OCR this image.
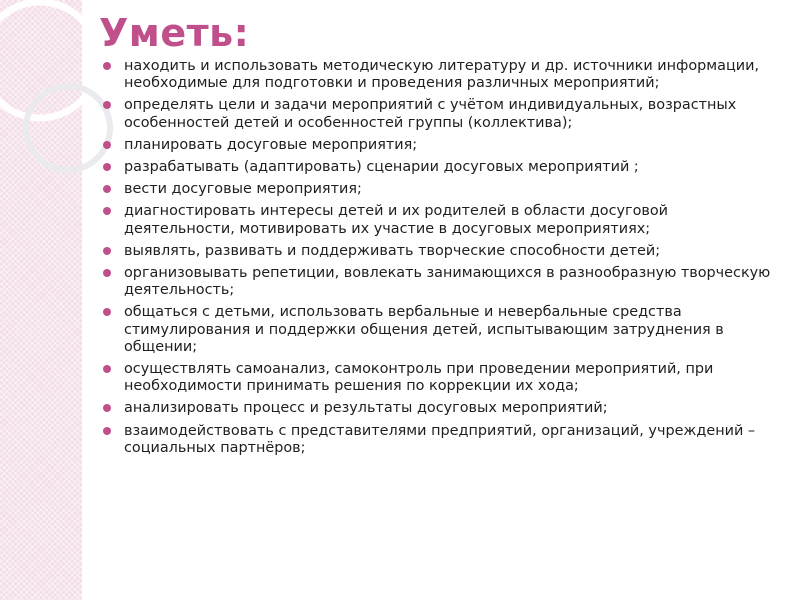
Уметь:
находить и использовать методическую литературу и др. источники информации, необходимые для подготовки и проведения различных мероприятий;
определять цели и задачи мероприятий с учётом индивидуальных, возрастных особенностей детей и особенностей группы (коллектива);
планировать досуговые мероприятия;
разрабатывать (адаптировать) сценарии досуговых мероприятий ;
вести досуговые мероприятия;
диагностировать интересы детей и их родителей в области досуговой деятельности, мотивировать их участие в досуговых мероприятиях;
выявлять, развивать и поддерживать творческие способности детей;
организовывать репетиции, вовлекать занимающихся в разнообразную творческую деятельность;
общаться с детьми, использовать вербальные и невербальные средства стимулирования и поддержки общения детей, испытывающим затруднения в общении;
осуществлять самоанализ, самоконтроль при проведении мероприятий, при необходимости принимать решения по коррекции их хода;
анализировать процесс и результаты досуговых мероприятий;
взаимодействовать с представителями предприятий, организаций, учреждений – социальных партнёров;
